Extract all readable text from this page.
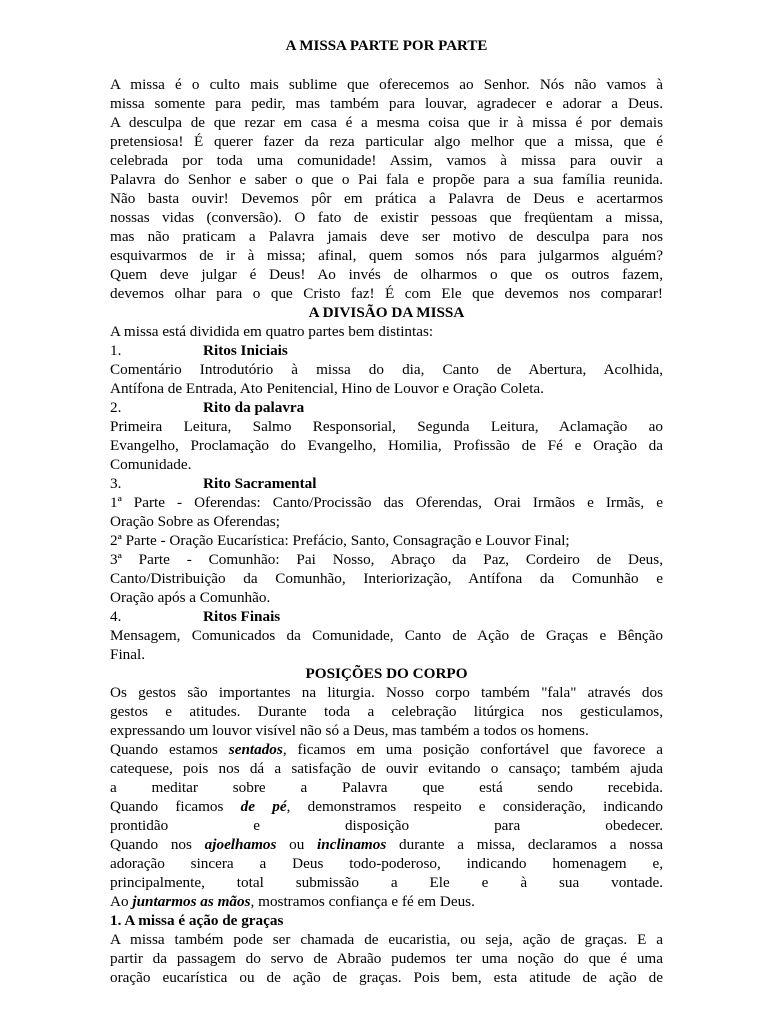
A MISSA PARTE POR PARTE
A missa é o culto mais sublime que oferecemos ao Senhor. Nós não vamos à
missa somente para pedir, mas também para louvar, agradecer e adorar a Deus.
A desculpa de que rezar em casa é a mesma coisa que ir à missa é por demais
pretensiosa! É querer fazer da reza particular algo melhor que a missa, que é
celebrada por toda uma comunidade! Assim, vamos à missa para ouvir a
Palavra do Senhor e saber o que o Pai fala e propõe para a sua família reunida.
Não basta ouvir! Devemos pôr em prática a Palavra de Deus e acertarmos
nossas vidas (conversão). O fato de existir pessoas que freqüentam a missa,
mas não praticam a Palavra jamais deve ser motivo de desculpa para nos
esquivarmos de ir à missa; afinal, quem somos nós para julgarmos alguém?
Quem deve julgar é Deus! Ao invés de olharmos o que os outros fazem,
devemos olhar para o que Cristo faz! É com Ele que devemos nos comparar!
A DIVISÃO DA MISSA
A missa está dividida em quatro partes bem distintas:
1.	Ritos Iniciais
Comentário Introdutório à missa do dia, Canto de Abertura, Acolhida,
Antífona de Entrada, Ato Penitencial, Hino de Louvor e Oração Coleta.
2.	Rito da palavra
Primeira Leitura, Salmo Responsorial, Segunda Leitura, Aclamação ao
Evangelho, Proclamação do Evangelho, Homilia, Profissão de Fé e Oração da
Comunidade.
3.	Rito Sacramental
1ª Parte - Oferendas: Canto/Procissão das Oferendas, Orai Irmãos e Irmãs, e
Oração Sobre as Oferendas;
2ª Parte - Oração Eucarística: Prefácio, Santo, Consagração e Louvor Final;
3ª Parte - Comunhão: Pai Nosso, Abraço da Paz, Cordeiro de Deus,
Canto/Distribuição da Comunhão, Interiorização, Antífona da Comunhão e
Oração após a Comunhão.
4.	Ritos Finais
Mensagem, Comunicados da Comunidade, Canto de Ação de Graças e Bênção
Final.
POSIÇÕES DO CORPO
Os gestos são importantes na liturgia. Nosso corpo também "fala" através dos
gestos e atitudes. Durante toda a celebração litúrgica nos gesticulamos,
expressando um louvor visível não só a Deus, mas também a todos os homens.
Quando estamos sentados, ficamos em uma posição confortável que favorece a
catequese, pois nos dá a satisfação de ouvir evitando o cansaço; também ajuda
a meditar sobre a Palavra que está sendo recebida.
Quando ficamos de pé, demonstramos respeito e consideração, indicando
prontidão e disposição para obedecer.
Quando nos ajoelhamos ou inclinamos durante a missa, declaramos a nossa
adoração sincera a Deus todo-poderoso, indicando homenagem e,
principalmente, total submissão a Ele e à sua vontade.
Ao juntarmos as mãos, mostramos confiança e fé em Deus.
1. A missa é ação de graças
A missa também pode ser chamada de eucaristia, ou seja, ação de graças. E a
partir da passagem do servo de Abraão pudemos ter uma noção do que é uma
oração eucarística ou de ação de graças. Pois bem, esta atitude de ação de
